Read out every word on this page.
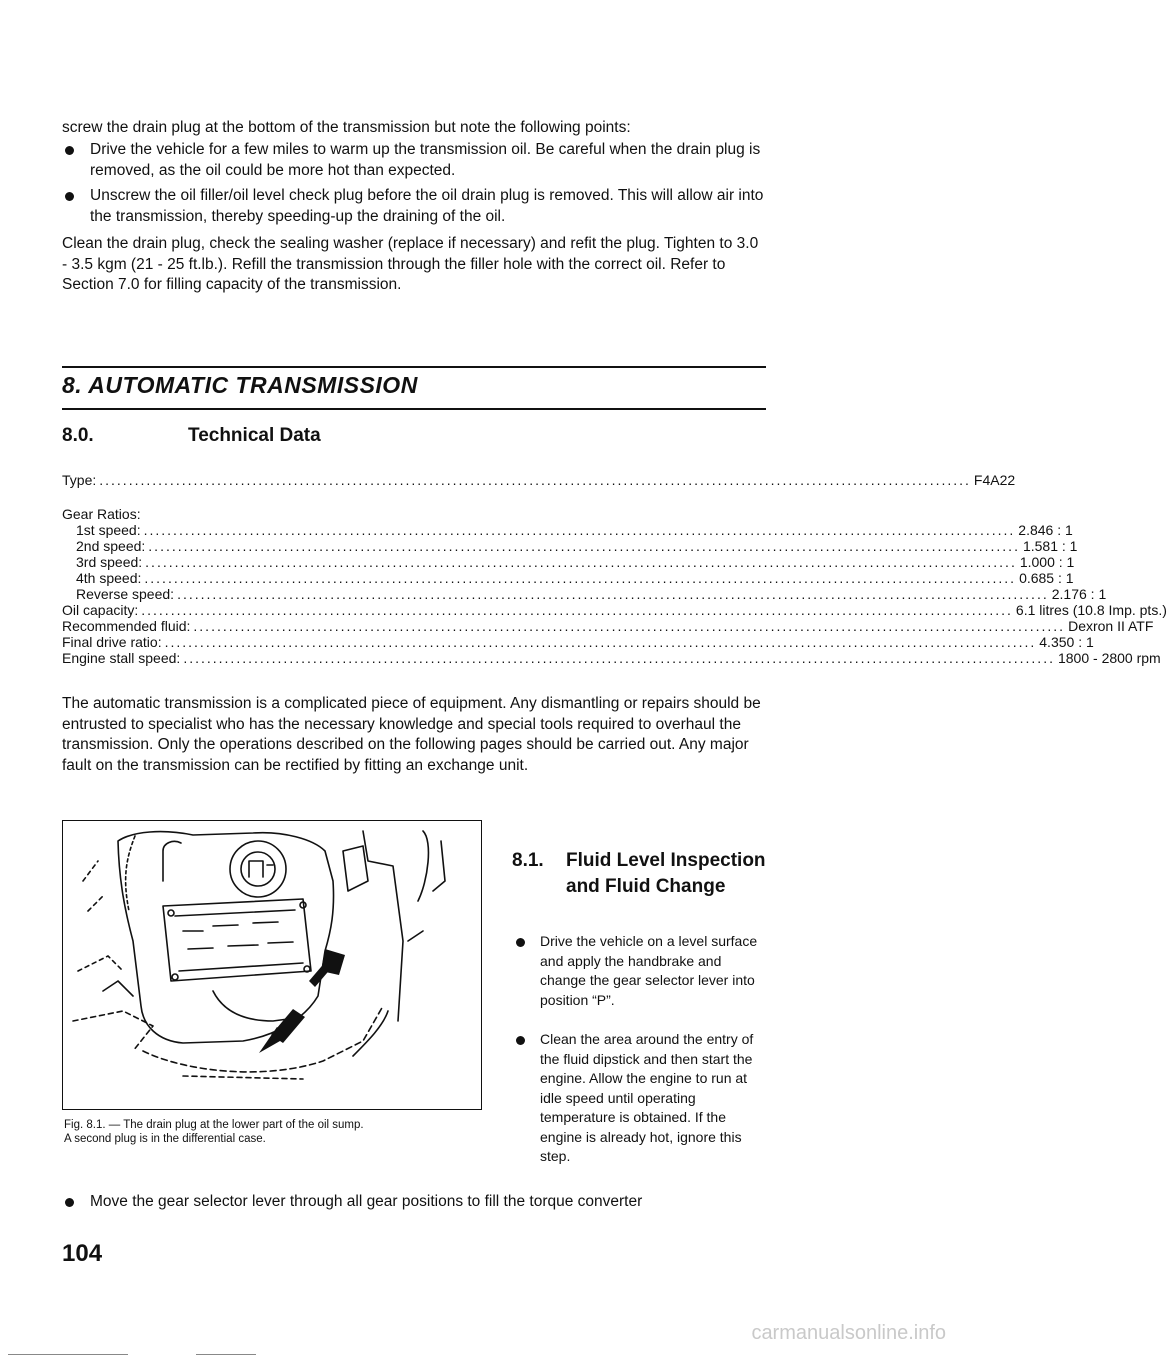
screw the drain plug at the bottom of the transmission but note the following points:
Drive the vehicle for a few miles to warm up the transmission oil. Be careful when the drain plug is removed, as the oil could be more hot than expected.
Unscrew the oil filler/oil level check plug before the oil drain plug is removed. This will allow air into the transmission, thereby speeding-up the draining of the oil.
Clean the drain plug, check the sealing washer (replace if necessary) and refit the plug. Tighten to 3.0 - 3.5 kgm (21 - 25 ft.lb.). Refill the transmission through the filler hole with the correct oil. Refer to Section 7.0 for filling capacity of the transmission.
8. AUTOMATIC TRANSMISSION
8.0.	Technical Data
Type: .................................................................................................................................................... F4A22
Gear Ratios:
1st speed: .................................................................................................................................................... 2.846 : 1
2nd speed: .................................................................................................................................................... 1.581 : 1
3rd speed: .................................................................................................................................................... 1.000 : 1
4th speed: .................................................................................................................................................... 0.685 : 1
Reverse speed: .................................................................................................................................................... 2.176 : 1
Oil capacity: .................................................................................................................................................... 6.1 litres (10.8 Imp. pts.)
Recommended fluid: .................................................................................................................................................... Dexron II ATF
Final drive ratio: .................................................................................................................................................... 4.350 : 1
Engine stall speed: .................................................................................................................................................... 1800 - 2800 rpm
The automatic transmission is a complicated piece of equipment. Any dismantling or repairs should be entrusted to specialist who has the necessary knowledge and special tools required to overhaul the transmission. Only the operations described on the following pages should be carried out. Any major fault on the transmission can be rectified by fitting an exchange unit.
Fig. 8.1. — The drain plug at the lower part of the oil sump.
A second plug is in the differential case.
8.1. Fluid Level Inspection and Fluid Change
Drive the vehicle on a level surface and apply the handbrake and change the gear selector lever into position “P”.
Clean the area around the entry of the fluid dipstick and then start the engine. Allow the engine to run at idle speed until operating temperature is obtained. If the engine is already hot, ignore this step.
Move the gear selector lever through all gear positions to fill the torque converter
104
carmanualsonline.info
